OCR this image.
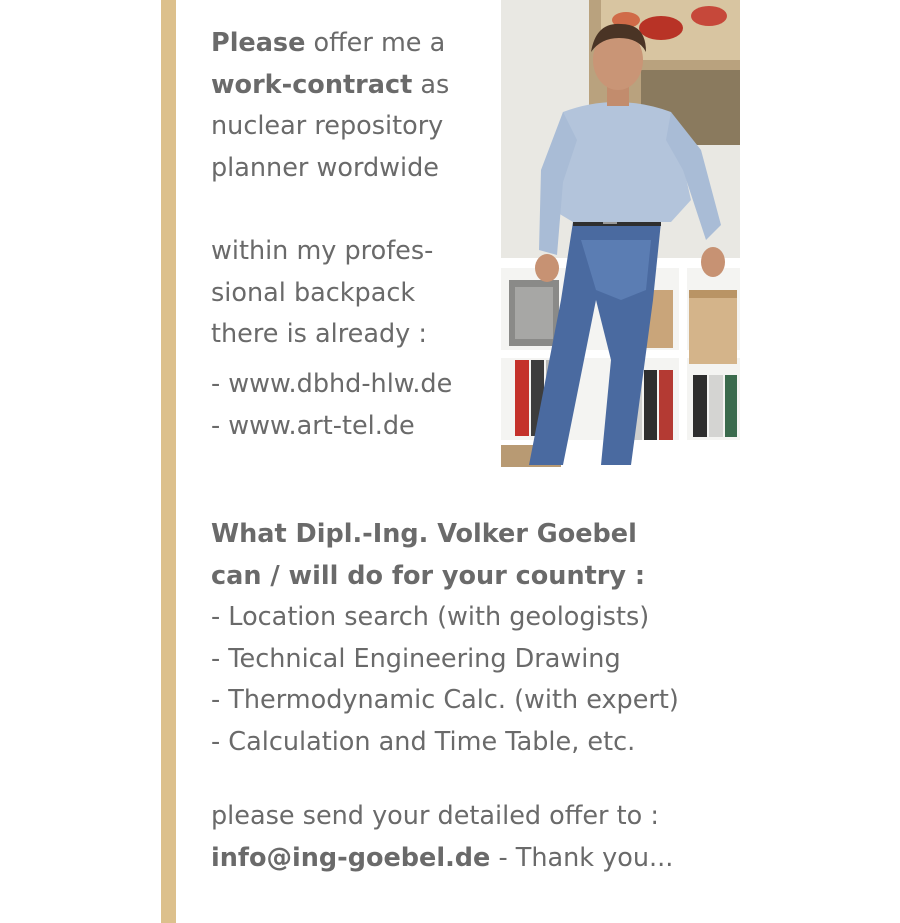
Please offer me a
work-contract as
nuclear repository
planner wordwide
within my profes-
sional backpack
there is already :
- www.dbhd-hlw.de
- www.art-tel.de
What Dipl.-Ing. Volker Goebel
can / will do for your country :
- Location search (with geologists)
- Technical Engineering Drawing
- Thermodynamic Calc. (with expert)
- Calculation and Time Table, etc.
please send your detailed offer to :
info@ing-goebel.de - Thank you...
